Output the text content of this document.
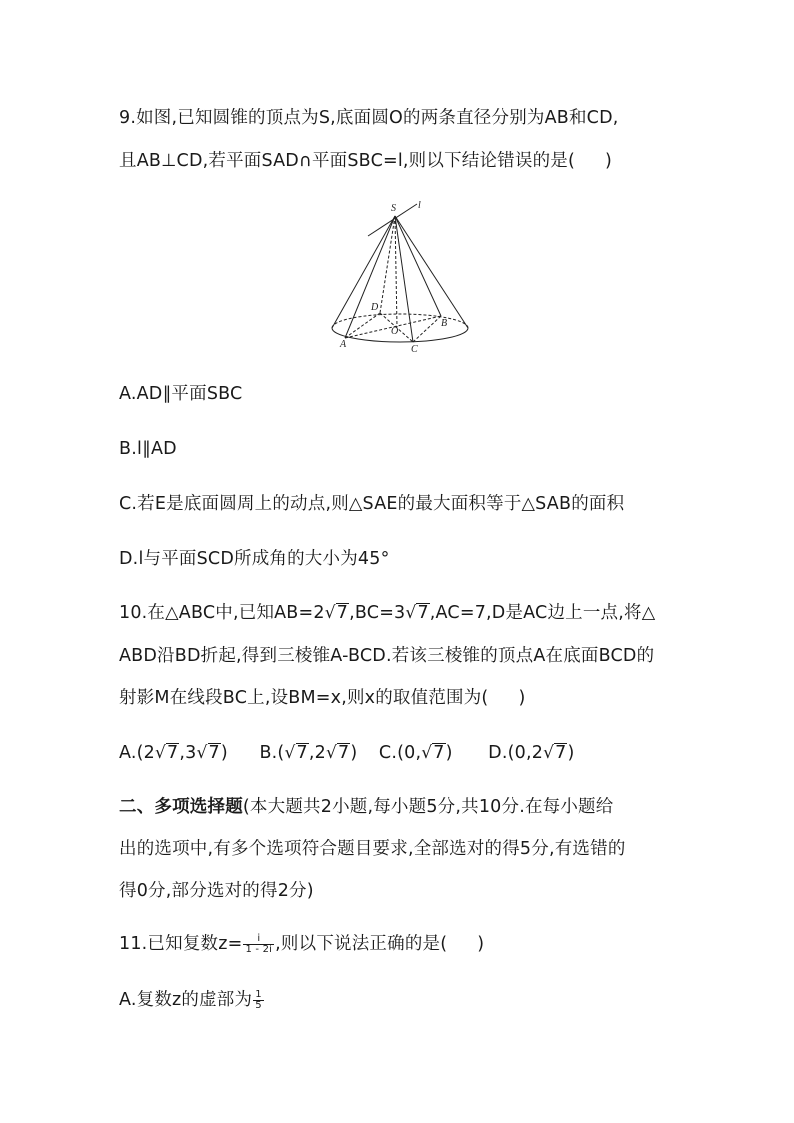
9.如图,已知圆锥的顶点为S,底面圆O的两条直径分别为AB和CD,
且AB⊥CD,若平面SAD∩平面SBC=l,则以下结论错误的是( )
S l
D
O
B
A	C
A.AD∥平面SBC
B.l∥AD
C.若E是底面圆周上的动点,则△SAE的最大面积等于△SAB的面积
D.l与平面SCD所成角的大小为45°
10.在△ABC中,已知AB=2√7,BC=3√7,AC=7,D是AC边上一点,将△
ABD沿BD折起,得到三棱锥A-BCD.若该三棱锥的顶点A在底面BCD的
射影M在线段BC上,设BM=x,则x的取值范围为( )
A.(2√7,3√7) B.(√7,2√7) C.(0,√7) D.(0,2√7)
二、多项选择题(本大题共2小题,每小题5分,共10分.在每小题给
出的选项中,有多个选项符合题目要求,全部选对的得5分,有选错的
得0分,部分选对的得2分)
11.已知复数$z= \frac{i}{1 - 2i}$ ,则以下说法正确的是( )
A.复数z的虚部为 $\frac{1}{5}$
